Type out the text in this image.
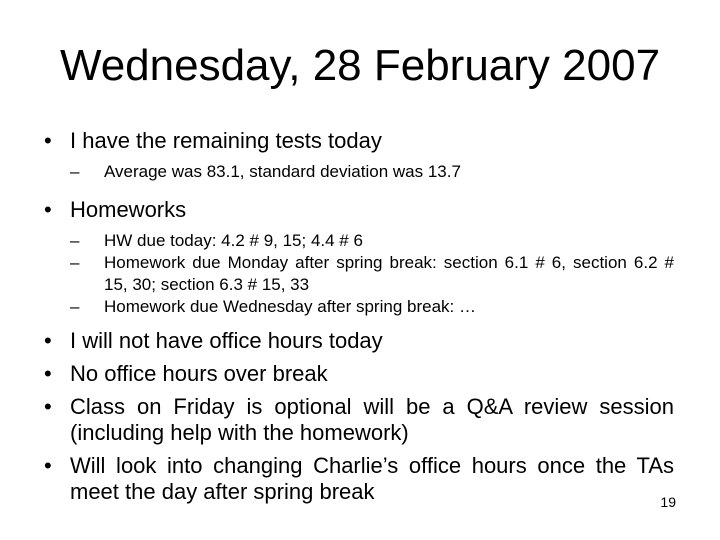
Wednesday, 28 February 2007
• I have the remaining tests today
–	Average was 83.1, standard deviation was 13.7
• Homeworks
–	HW due today: 4.2 # 9, 15; 4.4 # 6
–	Homework due Monday after spring break: section 6.1 # 6, section 6.2 # 15, 30; section 6.3 # 15, 33
–	Homework due Wednesday after spring break: …
• I will not have office hours today
• No office hours over break
• Class on Friday is optional will be a Q&A review session (including help with the homework)
• Will look into changing Charlie’s office hours once the TAs meet the day after spring break	19
